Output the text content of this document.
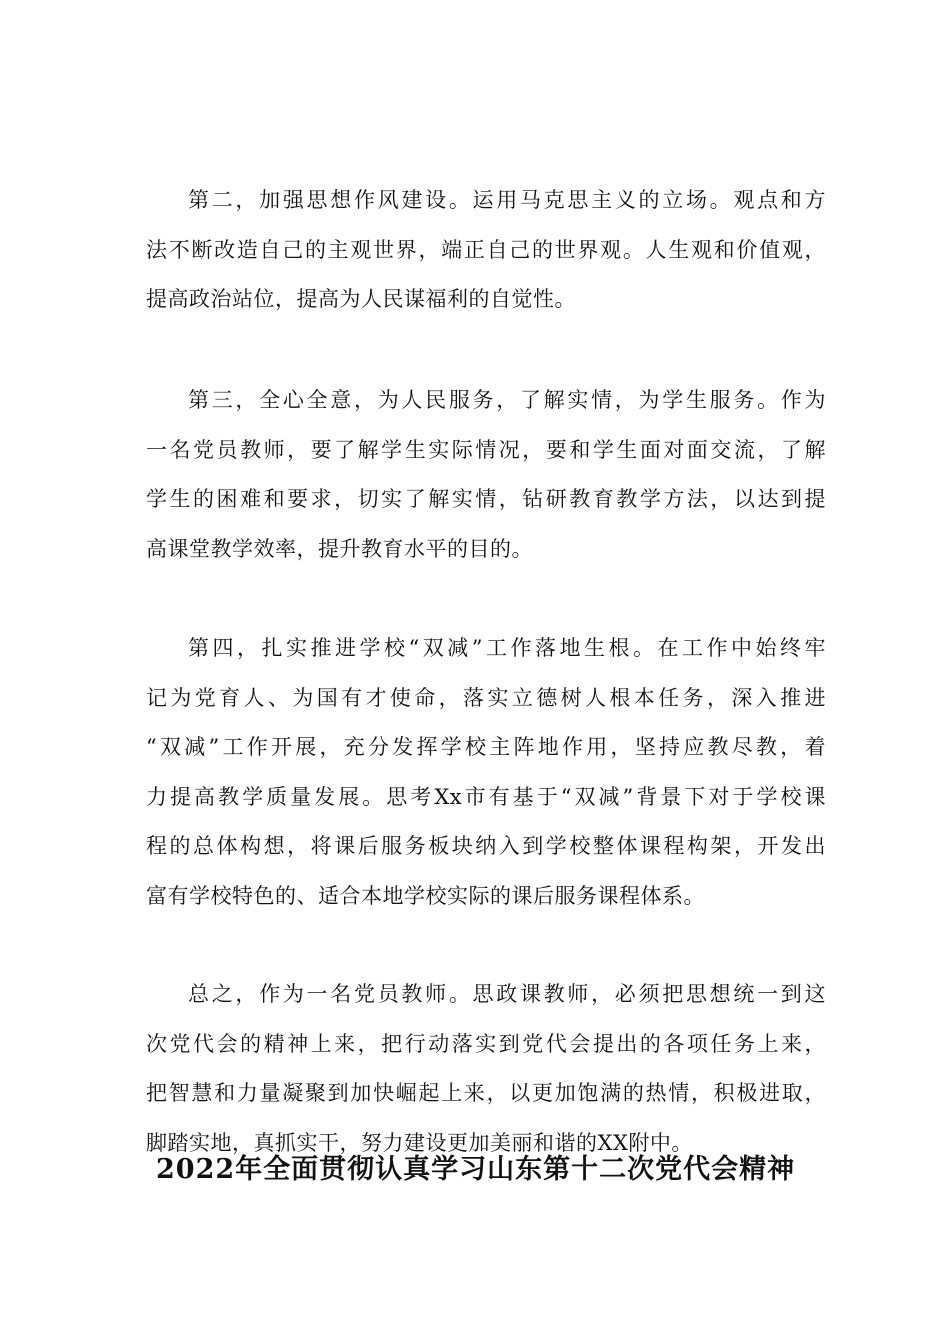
第二，加强思想作风建设。运用马克思主义的立场。观点和方
法不断改造自己的主观世界，端正自己的世界观。人生观和价值观，
提高政治站位，提高为人民谋福利的自觉性。
第三，全心全意，为人民服务，了解实情，为学生服务。作为
一名党员教师，要了解学生实际情况，要和学生面对面交流，了解
学生的困难和要求，切实了解实情，钻研教育教学方法，以达到提
高课堂教学效率，提升教育水平的目的。
第四，扎实推进学校“双减”工作落地生根。在工作中始终牢
记为党育人、为国有才使命，落实立德树人根本任务，深入推进
“双减”工作开展，充分发挥学校主阵地作用，坚持应教尽教，着
力提高教学质量发展。思考Xx市有基于“双减”背景下对于学校课
程的总体构想，将课后服务板块纳入到学校整体课程构架，开发出
富有学校特色的、适合本地学校实际的课后服务课程体系。
总之，作为一名党员教师。思政课教师，必须把思想统一到这
次党代会的精神上来，把行动落实到党代会提出的各项任务上来，
把智慧和力量凝聚到加快崛起上来，以更加饱满的热情，积极进取，
脚踏实地，真抓实干，努力建设更加美丽和谐的XX附中。
2022年全面贯彻认真学习山东第十二次党代会精神
